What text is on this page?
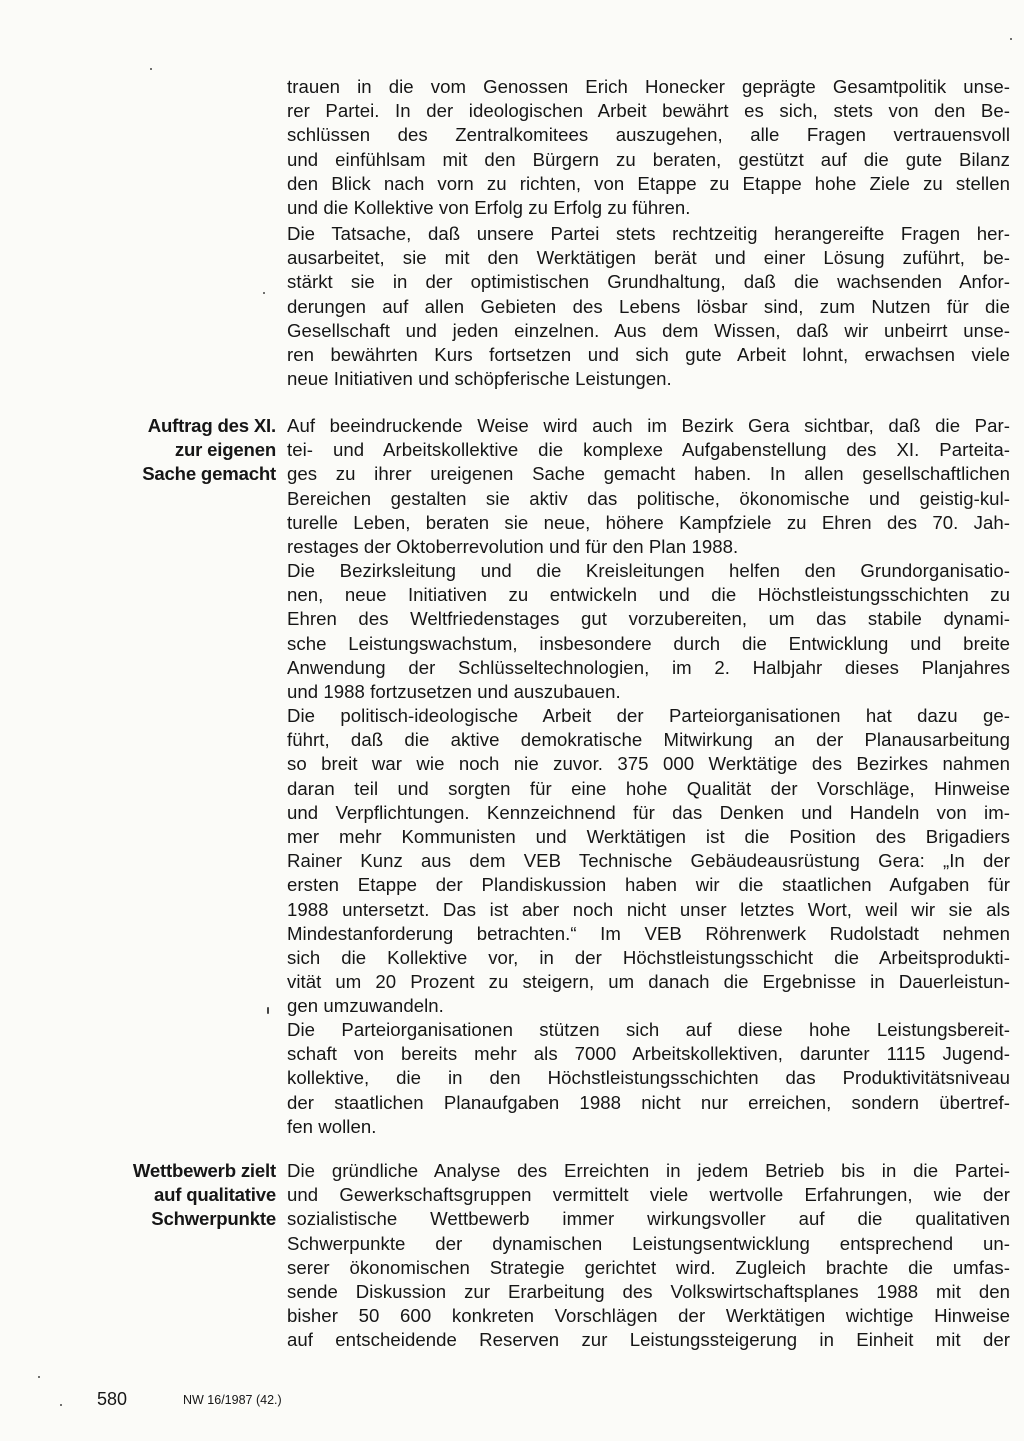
trauen in die vom Genossen Erich Honecker geprägte Gesamtpolitik unse-
rer Partei. In der ideologischen Arbeit bewährt es sich, stets von den Be-
schlüssen des Zentralkomitees auszugehen, alle Fragen vertrauensvoll
und einfühlsam mit den Bürgern zu beraten, gestützt auf die gute Bilanz
den Blick nach vorn zu richten, von Etappe zu Etappe hohe Ziele zu stellen
und die Kollektive von Erfolg zu Erfolg zu führen.

Die Tatsache, daß unsere Partei stets rechtzeitig herangereifte Fragen her-
ausarbeitet, sie mit den Werktätigen berät und einer Lösung zuführt, be-
stärkt sie in der optimistischen Grundhaltung, daß die wachsenden Anfor-
derungen auf allen Gebieten des Lebens lösbar sind, zum Nutzen für die
Gesellschaft und jeden einzelnen. Aus dem Wissen, daß wir unbeirrt unse-
ren bewährten Kurs fortsetzen und sich gute Arbeit lohnt, erwachsen viele
neue Initiativen und schöpferische Leistungen.

Auftrag des XI.
zur eigenen
Sache gemacht

Auf beeindruckende Weise wird auch im Bezirk Gera sichtbar, daß die Par-
tei- und Arbeitskollektive die komplexe Aufgabenstellung des XI. Parteita-
ges zu ihrer ureigenen Sache gemacht haben. In allen gesellschaftlichen
Bereichen gestalten sie aktiv das politische, ökonomische und geistig-kul-
turelle Leben, beraten sie neue, höhere Kampfziele zu Ehren des 70. Jah-
restages der Oktoberrevolution und für den Plan 1988.

Die Bezirksleitung und die Kreisleitungen helfen den Grundorganisatio-
nen, neue Initiativen zu entwickeln und die Höchstleistungsschichten zu
Ehren des Weltfriedenstages gut vorzubereiten, um das stabile dynami-
sche Leistungswachstum, insbesondere durch die Entwicklung und breite
Anwendung der Schlüsseltechnologien, im 2. Halbjahr dieses Planjahres
und 1988 fortzusetzen und auszubauen.

Die politisch-ideologische Arbeit der Parteiorganisationen hat dazu ge-
führt, daß die aktive demokratische Mitwirkung an der Planausarbeitung
so breit war wie noch nie zuvor. 375 000 Werktätige des Bezirkes nahmen
daran teil und sorgten für eine hohe Qualität der Vorschläge, Hinweise
und Verpflichtungen. Kennzeichnend für das Denken und Handeln von im-
mer mehr Kommunisten und Werktätigen ist die Position des Brigadiers
Rainer Kunz aus dem VEB Technische Gebäudeausrüstung Gera: „In der
ersten Etappe der Plandiskussion haben wir die staatlichen Aufgaben für
1988 untersetzt. Das ist aber noch nicht unser letztes Wort, weil wir sie als
Mindestanforderung betrachten.“ Im VEB Röhrenwerk Rudolstadt nehmen
sich die Kollektive vor, in der Höchstleistungsschicht die Arbeitsprodukti-
vität um 20 Prozent zu steigern, um danach die Ergebnisse in Dauerleistun-
gen umzuwandeln.

Die Parteiorganisationen stützen sich auf diese hohe Leistungsbereit-
schaft von bereits mehr als 7000 Arbeitskollektiven, darunter 1115 Jugend-
kollektive, die in den Höchstleistungsschichten das Produktivitätsniveau
der staatlichen Planaufgaben 1988 nicht nur erreichen, sondern übertref-
fen wollen.

Wettbewerb zielt
auf qualitative
Schwerpunkte

Die gründliche Analyse des Erreichten in jedem Betrieb bis in die Partei-
und Gewerkschaftsgruppen vermittelt viele wertvolle Erfahrungen, wie der
sozialistische Wettbewerb immer wirkungsvoller auf die qualitativen
Schwerpunkte der dynamischen Leistungsentwicklung entsprechend un-
serer ökonomischen Strategie gerichtet wird. Zugleich brachte die umfas-
sende Diskussion zur Erarbeitung des Volkswirtschaftsplanes 1988 mit den
bisher 50 600 konkreten Vorschlägen der Werktätigen wichtige Hinweise
auf entscheidende Reserven zur Leistungssteigerung in Einheit mit der

580	NW 16/1987 (42.)
